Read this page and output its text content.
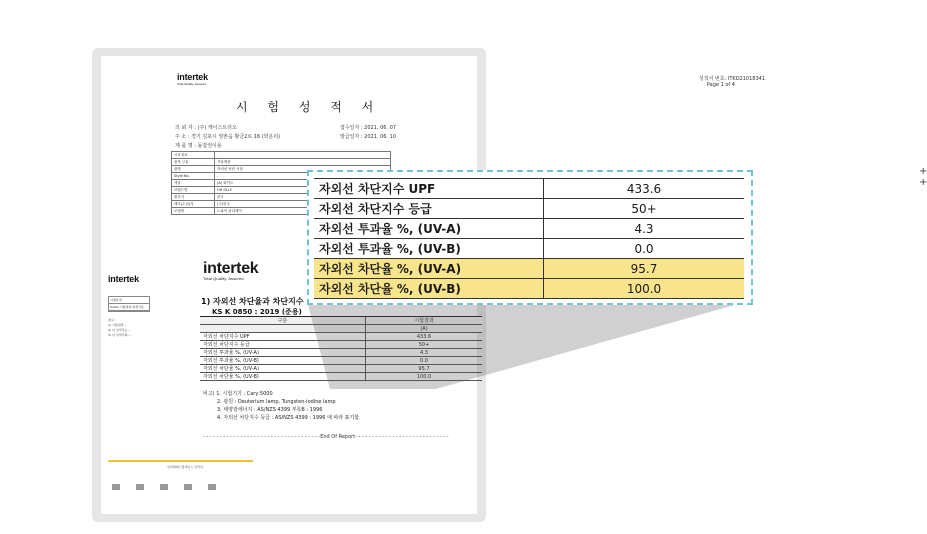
intertek
Total Quality. Assured.
성적서 번호: ITKD21018341
Page 1 of 4
시 험 성 적 서
의 뢰 자 : (주) 케이스트리오
주 소 : 경기 김포시 양촌읍 황금2로 16 (학운리)
제 품 명 : 돌잡권이용
접수일자 : 2021. 06. 07
발급일자 : 2021. 06. 10
시료정보	
품목 구분	기타제품
품명	자외선 차단 시험
Style No.	-
색상	(A) 화이트
브랜드명	OH OLLY
원산지	한국
제조(수입)자	(주)한국
모델명	노와이 파라세이
intertek
시험목적
Sulfur 시험결과 판정기준
참고 :
1) 시험결과 ...
2) 이 성적서는 ...
3) 이 성적서의 ...
인터텍테스팅서비스 코리아
intertek
Total Quality. Assured.
1) 자외선 차단율과 차단지수
KS K 0850 : 2019 (준용)
구분	시험결과
	(A)
자외선 차단지수 UPF	433.6
자외선 차단지수 등급	50+
자외선 투과율 %, (UV-A)	4.3
자외선 투과율 %, (UV-B)	0.0
자외선 차단율 %, (UV-A)	95.7
자외선 차단율 %, (UV-B)	100.0
비고) 1. 시험기기 : Cary 5000
2. 광원 : Deuterium lamp, Tungsten-iodine lamp
3. 태양광에너지 : AS/NZS 4399 부록B : 1996
4. 자외선 차단지수 등급 : AS/NZS 4399 : 1996 에 따라 표기함.
- - - - - - - - - - - - - - - - - - - - - - - - - - - - - - - - - - -End Of Report- - - - - - - - - - - - - - - - - - - - - - - - - - - -
+ +
자외선 차단지수 UPF	433.6
자외선 차단지수 등급	50+
자외선 투과율 %, (UV-A)	4.3
자외선 투과율 %, (UV-B)	0.0
자외선 차단율 %, (UV-A)	95.7
자외선 차단율 %, (UV-B)	100.0
